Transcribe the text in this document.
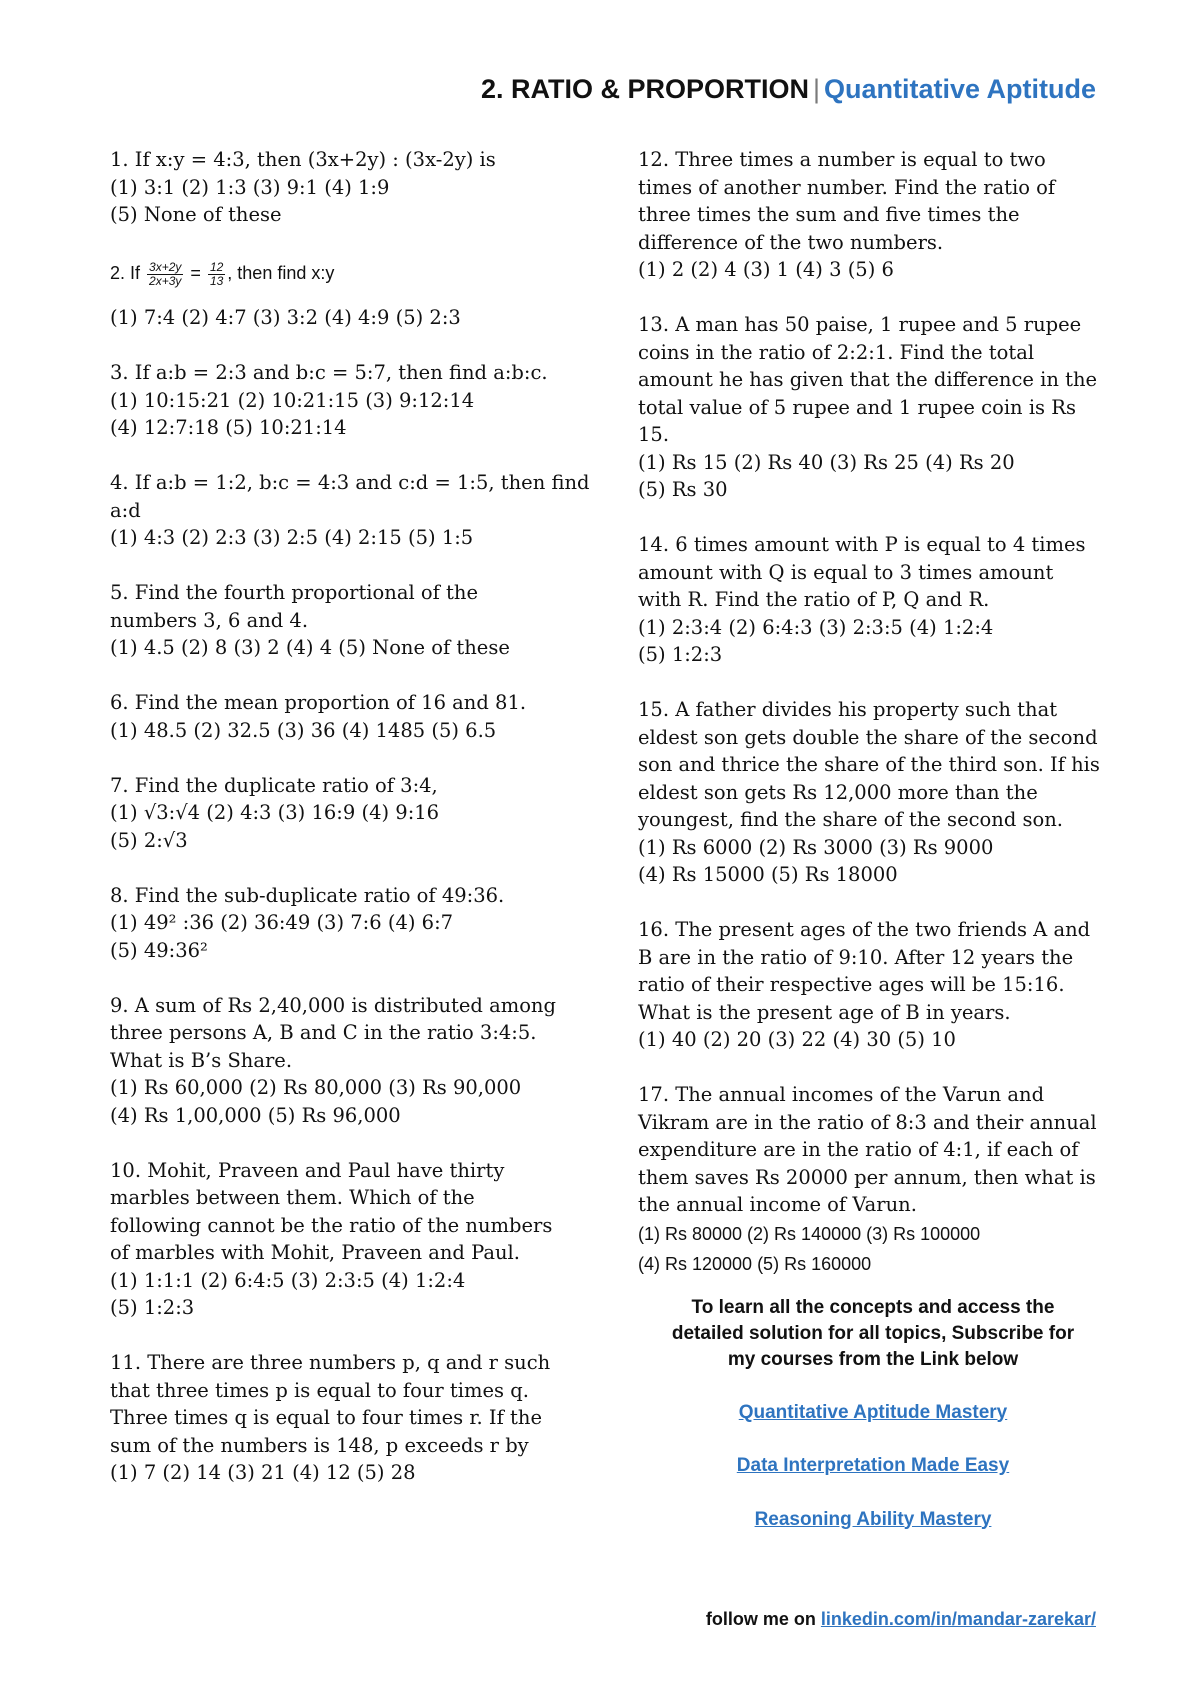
2. RATIO & PROPORTION | Quantitative Aptitude

1. If x:y = 4:3, then (3x+2y) : (3x-2y) is

(1) 3:1 (2) 1:3 (3) 9:1 (4) 1:9

(5) None of these

2. If $\frac{3x+2y}{2x+3y} = \frac{12}{13}$ , then find x:y

(1) 7:4 (2) 4:7 (3) 3:2 (4) 4:9 (5) 2:3

3. If a:b = 2:3 and b:c = 5:7, then find a:b:c.

(1) 10:15:21 (2) 10:21:15 (3) 9:12:14

(4) 12:7:18 (5) 10:21:14

4. If a:b = 1:2, b:c = 4:3 and c:d = 1:5, then find

a:d

(1) 4:3 (2) 2:3 (3) 2:5 (4) 2:15 (5) 1:5

5. Find the fourth proportional of the

numbers 3, 6 and 4.

(1) 4.5 (2) 8 (3) 2 (4) 4 (5) None of these

6. Find the mean proportion of 16 and 81.

(1) 48.5 (2) 32.5 (3) 36 (4) 1485 (5) 6.5

7. Find the duplicate ratio of 3:4,

(1) √3:√4 (2) 4:3 (3) 16:9 (4) 9:16

(5) 2:√3

8. Find the sub-duplicate ratio of 49:36.

(1) 49² :36 (2) 36:49 (3) 7:6 (4) 6:7

(5) 49:36²

9. A sum of Rs 2,40,000 is distributed among

three persons A, B and C in the ratio 3:4:5.

What is B’s Share.

(1) Rs 60,000 (2) Rs 80,000 (3) Rs 90,000

(4) Rs 1,00,000 (5) Rs 96,000

10. Mohit, Praveen and Paul have thirty

marbles between them. Which of the

following cannot be the ratio of the numbers

of marbles with Mohit, Praveen and Paul.

(1) 1:1:1 (2) 6:4:5 (3) 2:3:5 (4) 1:2:4

(5) 1:2:3

11. There are three numbers p, q and r such

that three times p is equal to four times q.

Three times q is equal to four times r. If the

sum of the numbers is 148, p exceeds r by

(1) 7 (2) 14 (3) 21 (4) 12 (5) 28

12. Three times a number is equal to two

times of another number. Find the ratio of

three times the sum and five times the

difference of the two numbers.

(1) 2 (2) 4 (3) 1 (4) 3 (5) 6

13. A man has 50 paise, 1 rupee and 5 rupee

coins in the ratio of 2:2:1. Find the total

amount he has given that the difference in the

total value of 5 rupee and 1 rupee coin is Rs

15.

(1) Rs 15 (2) Rs 40 (3) Rs 25 (4) Rs 20

(5) Rs 30

14. 6 times amount with P is equal to 4 times

amount with Q is equal to 3 times amount

with R. Find the ratio of P, Q and R.

(1) 2:3:4 (2) 6:4:3 (3) 2:3:5 (4) 1:2:4

(5) 1:2:3

15. A father divides his property such that

eldest son gets double the share of the second

son and thrice the share of the third son. If his

eldest son gets Rs 12,000 more than the

youngest, find the share of the second son.

(1) Rs 6000 (2) Rs 3000 (3) Rs 9000

(4) Rs 15000 (5) Rs 18000

16. The present ages of the two friends A and

B are in the ratio of 9:10. After 12 years the

ratio of their respective ages will be 15:16.

What is the present age of B in years.

(1) 40 (2) 20 (3) 22 (4) 30 (5) 10

17. The annual incomes of the Varun and

Vikram are in the ratio of 8:3 and their annual

expenditure are in the ratio of 4:1, if each of

them saves Rs 20000 per annum, then what is

the annual income of Varun.

(1) Rs 80000 (2) Rs 140000 (3) Rs 100000

(4) Rs 120000 (5) Rs 160000

To learn all the concepts and access the
detailed solution for all topics, Subscribe for
my courses from the Link below
Quantitative Aptitude Mastery
Data Interpretation Made Easy
Reasoning Ability Mastery
follow me on linkedin.com/in/mandar-zarekar/
